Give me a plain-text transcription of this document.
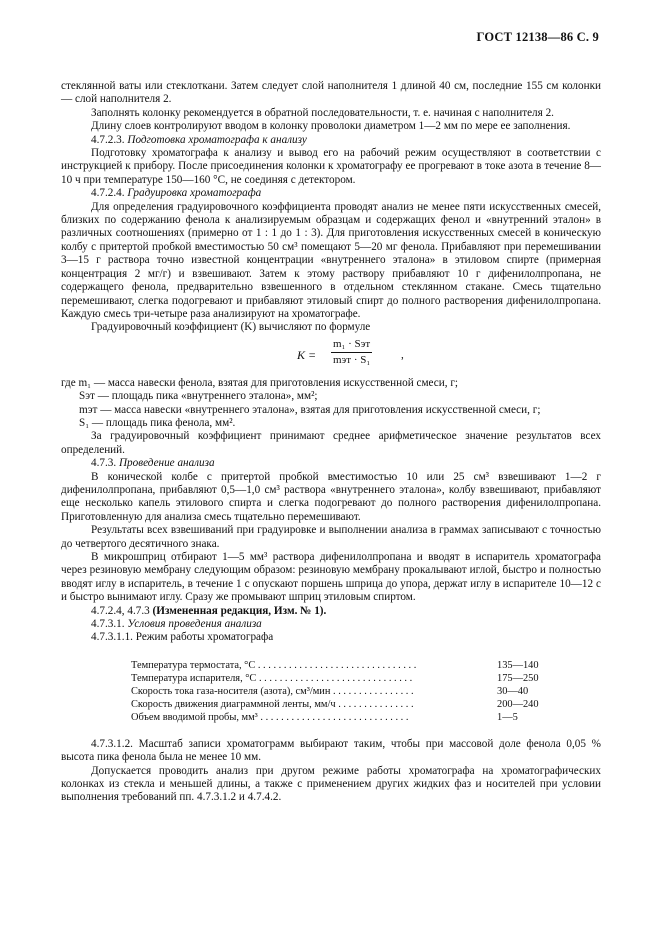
ГОСТ 12138—86 С. 9

стеклянной ваты или стеклоткани. Затем следует слой наполнителя 1 длиной 40 см, последние 155 см колонки — слой наполнителя 2.

Заполнять колонку рекомендуется в обратной последовательности, т. е. начиная с наполнителя 2.

Длину слоев контролируют вводом в колонку проволоки диаметром 1—2 мм по мере ее заполнения.

4.7.2.3. Подготовка хроматографа к анализу

Подготовку хроматографа к анализу и вывод его на рабочий режим осуществляют в соответствии с инструкцией к прибору. После присоединения колонки к хроматографу ее прогревают в токе азота в течение 8—10 ч при температуре 150—160 °С, не соединяя с детектором.

4.7.2.4. Градуировка хроматографа

Для определения градуировочного коэффициента проводят анализ не менее пяти искусственных смесей, близких по содержанию фенола к анализируемым образцам и содержащих фенол и «внутренний эталон» в различных соотношениях (примерно от 1 : 1 до 1 : 3). Для приготовления искусственных смесей в коническую колбу с притертой пробкой вместимостью 50 см³ помещают 5—20 мг фенола. Прибавляют при перемешивании 3—15 г раствора точно известной концентрации «внутреннего эталона» в этиловом спирте (примерная концентрация 2 мг/г) и взвешивают. Затем к этому раствору прибавляют 10 г дифенилолпропана, не содержащего фенола, предварительно взвешенного в отдельном стеклянном стакане. Смесь тщательно перемешивают, слегка подогревают и прибавляют этиловый спирт до полного растворения дифенилолпропана. Каждую смесь три-четыре раза анализируют на хроматографе.

Градуировочный коэффициент (K) вычисляют по формуле

K =
m₁ · Sэт
mэт · S₁	,

где m₁ — масса навески фенола, взятая для приготовления искусственной смеси, г;

Sэт — площадь пика «внутреннего эталона», мм²;

mэт — масса навески «внутреннего эталона», взятая для приготовления искусственной смеси, г;

S₁ — площадь пика фенола, мм².

За градуировочный коэффициент принимают среднее арифметическое значение результатов всех определений.

4.7.3. Проведение анализа

В конической колбе с притертой пробкой вместимостью 10 или 25 см³ взвешивают 1—2 г дифенилолпропана, прибавляют 0,5—1,0 см³ раствора «внутреннего эталона», колбу взвешивают, прибавляют еще несколько капель этилового спирта и слегка подогревают до полного растворения дифенилолпропана. Приготовленную для анализа смесь тщательно перемешивают.

Результаты всех взвешиваний при градуировке и выполнении анализа в граммах записывают с точностью до четвертого десятичного знака.

В микрошприц отбирают 1—5 мм³ раствора дифенилолпропана и вводят в испаритель хроматографа через резиновую мембрану следующим образом: резиновую мембрану прокалывают иглой, быстро и полностью вводят иглу в испаритель, в течение 1 с опускают поршень шприца до упора, держат иглу в испарителе 10—12 с и быстро вынимают иглу. Сразу же промывают шприц этиловым спиртом.

4.7.2.4, 4.7.3 (Измененная редакция, Изм. № 1).

4.7.3.1. Условия проведения анализа

4.7.3.1.1. Режим работы хроматографа

Температура термостата, °С . . . . . . . . . . . . . . . . . . . . . . . . . . . . . . .	135—140
Температура испарителя, °С . . . . . . . . . . . . . . . . . . . . . . . . . . . . . .	175—250
Скорость тока газа-носителя (азота), см³/мин . . . . . . . . . . . . . . . .	30—40
Скорость движения диаграммной ленты, мм/ч . . . . . . . . . . . . . . .	200—240
Объем вводимой пробы, мм³ . . . . . . . . . . . . . . . . . . . . . . . . . . . . .	1—5

4.7.3.1.2. Масштаб записи хроматограмм выбирают таким, чтобы при массовой доле фенола 0,05 % высота пика фенола была не менее 10 мм.

Допускается проводить анализ при другом режиме работы хроматографа на хроматографических колонках из стекла и меньшей длины, а также с применением других жидких фаз и носителей при условии выполнения требований пп. 4.7.3.1.2 и 4.7.4.2.
